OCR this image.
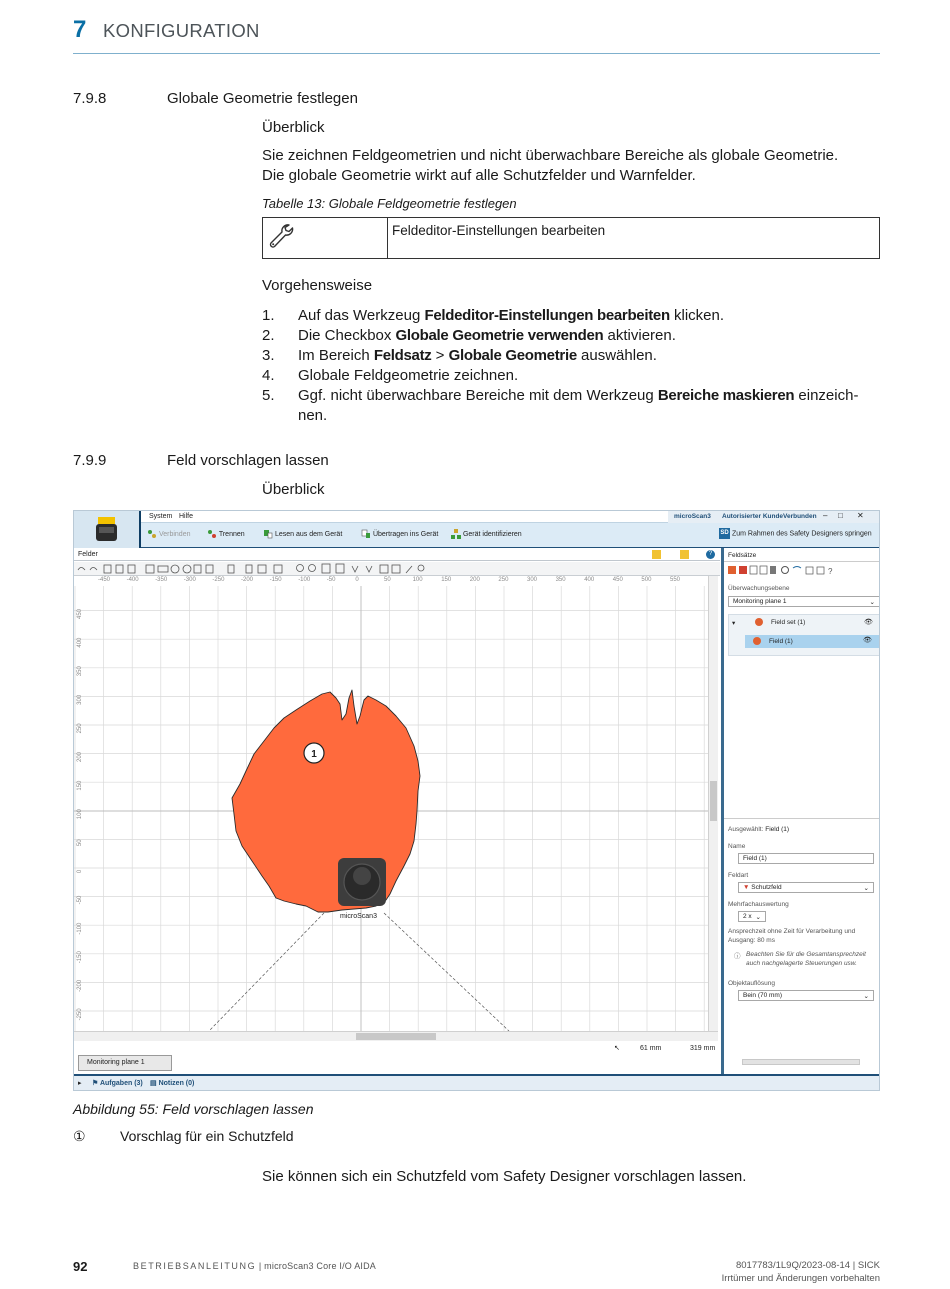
7 KONFIGURATION
7.9.8	Globale Geometrie festlegen
Überblick
Sie zeichnen Feldgeometrien und nicht überwachbare Bereiche als globale Geometrie.
Die globale Geometrie wirkt auf alle Schutzfelder und Warnfelder.
Tabelle 13: Globale Feldgeometrie festlegen
Feldeditor-Einstellungen bearbeiten
Vorgehensweise
1. Auf das Werkzeug Feldeditor-Einstellungen bearbeiten klicken.
2. Die Checkbox Globale Geometrie verwenden aktivieren.
3. Im Bereich Feldsatz > Globale Geometrie auswählen.
4. Globale Feldgeometrie zeichnen.
5. Ggf. nicht überwachbare Bereiche mit dem Werkzeug Bereiche maskieren einzeich-
nen.
7.9.9	Feld vorschlagen lassen
Überblick
System Hilfe	microScan3 Autorisierter Kunde Verbunden – □ ✕
Verbinden	Trennen	Lesen aus dem Gerät	Übertragen ins Gerät	Gerät identifizieren	SD Zum Rahmen des Safety Designers springen
Felder	?
-450	-400	-350	-300	-250	-200	-150	-100	-50	0	50	100	150	200	250	300	350	400	450	500	550
450
400
350
300
250
200
150
100
50
0
-50
-100
-150
-200
-250
microScan3
1
↖	61 mm	319 mm
Monitoring plane 1
▸ ⚑ Aufgaben (3) ▤ Notizen (0)
Feldsätze
?
Überwachungsebene
Monitoring plane 1	⌄
▾	Field set (1)	👁
Field (1)	👁
Ausgewählt: Field (1)
Name
Field (1)
Feldart
▼ Schutzfeld	⌄
Mehrfachauswertung
2 x ⌄
Ansprechzeit ohne Zeit für Verarbeitung und
Ausgang: 80 ms
ⓘ Beachten Sie für die Gesamtansprechzeit
auch nachgelagerte Steuerungen usw.
Objektauflösung
Bein (70 mm)	⌄
Abbildung 55: Feld vorschlagen lassen
① Vorschlag für ein Schutzfeld
Sie können sich ein Schutzfeld vom Safety Designer vorschlagen lassen.
92	BETRIEBSANLEITUNG | microScan3 Core I/O AIDA	8017783/1L9Q/2023-08-14 | SICK
Irrtümer und Änderungen vorbehalten
